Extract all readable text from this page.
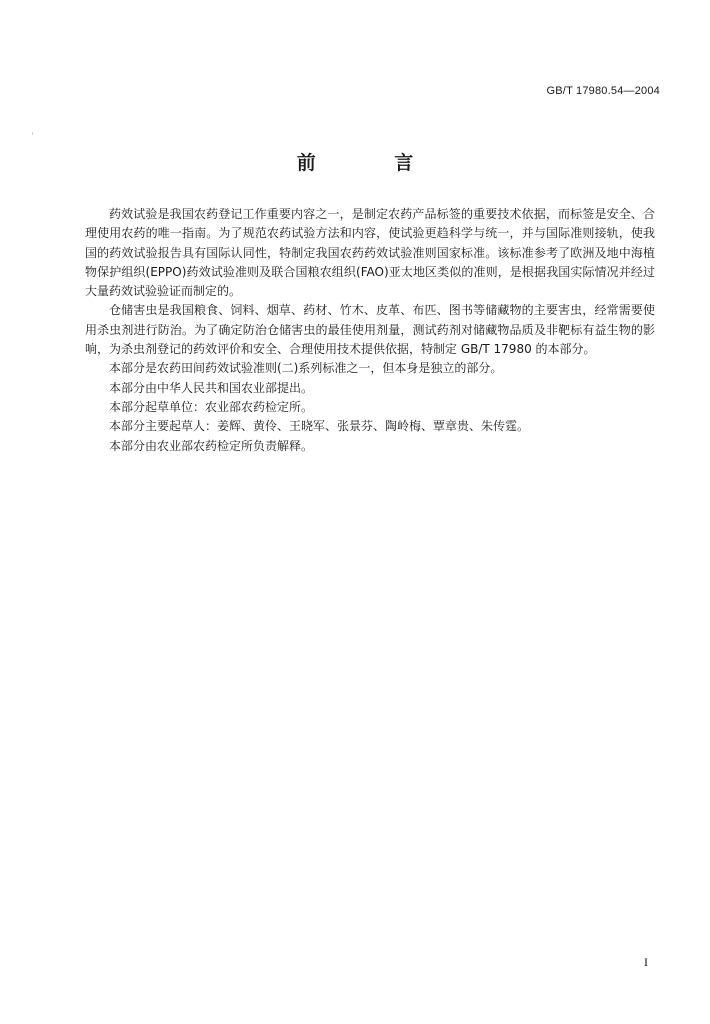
GB/T 17980.54—2004
前 言

药效试验是我国农药登记工作重要内容之一，是制定农药产品标签的重要技术依据，而标签是安全、合理使用农药的唯一指南。为了规范农药试验方法和内容，使试验更趋科学与统一，并与国际准则接轨，使我国的药效试验报告具有国际认同性，特制定我国农药药效试验准则国家标准。该标准参考了欧洲及地中海植物保护组织(EPPO)药效试验准则及联合国粮农组织(FAO)亚太地区类似的准则，是根据我国实际情况并经过大量药效试验验证而制定的。

仓储害虫是我国粮食、饲料、烟草、药材、竹木、皮革、布匹、图书等储藏物的主要害虫，经常需要使用杀虫剂进行防治。为了确定防治仓储害虫的最佳使用剂量，测试药剂对储藏物品质及非靶标有益生物的影响，为杀虫剂登记的药效评价和安全、合理使用技术提供依据，特制定 GB/T 17980 的本部分。

本部分是农药田间药效试验准则(二)系列标准之一，但本身是独立的部分。

本部分由中华人民共和国农业部提出。

本部分起草单位：农业部农药检定所。

本部分主要起草人：姜辉、黄伶、王晓军、张景芬、陶岭梅、覃章贵、朱传霆。

本部分由农业部农药检定所负责解释。

I
